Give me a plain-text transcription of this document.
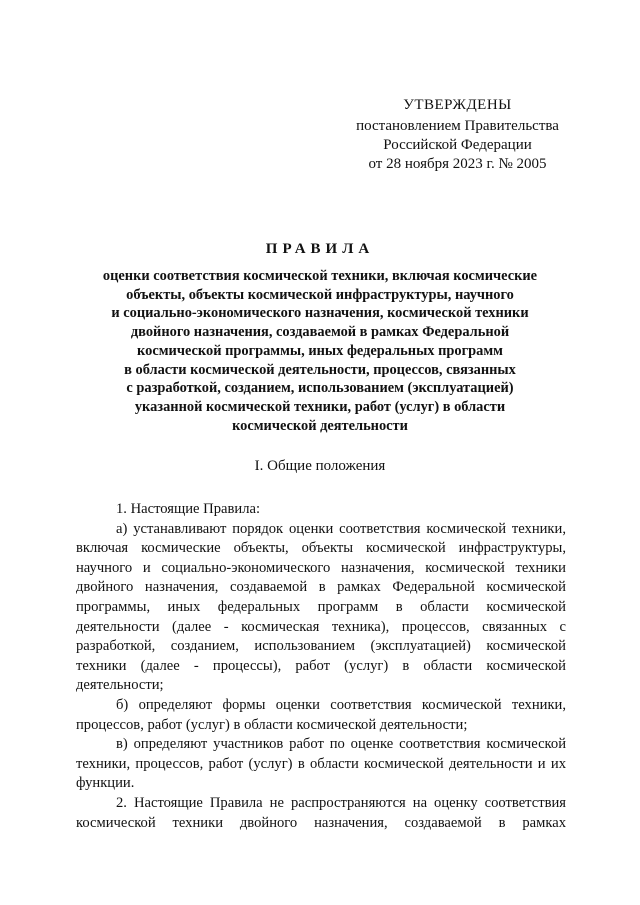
УТВЕРЖДЕНЫ
постановлением Правительства
Российской Федерации
от 28 ноября 2023 г. № 2005
ПРАВИЛА
оценки соответствия космической техники, включая космические
объекты, объекты космической инфраструктуры, научного
и социально-экономического назначения, космической техники
двойного назначения, создаваемой в рамках Федеральной
космической программы, иных федеральных программ
в области космической деятельности, процессов, связанных
с разработкой, созданием, использованием (эксплуатацией)
указанной космической техники, работ (услуг) в области
космической деятельности
I. Общие положения

1. Настоящие Правила:

а) устанавливают порядок оценки соответствия космической техники, включая космические объекты, объекты космической инфраструктуры, научного и социально-экономического назначения, космической техники двойного назначения, создаваемой в рамках Федеральной космической программы, иных федеральных программ в области космической деятельности (далее - космическая техника), процессов, связанных с разработкой, созданием, использованием (эксплуатацией) космической техники (далее - процессы), работ (услуг) в области космической деятельности;

б) определяют формы оценки соответствия космической техники, процессов, работ (услуг) в области космической деятельности;

в) определяют участников работ по оценке соответствия космической техники, процессов, работ (услуг) в области космической деятельности и их функции.

2. Настоящие Правила не распространяются на оценку соответствия космической техники двойного назначения, создаваемой в рамках
